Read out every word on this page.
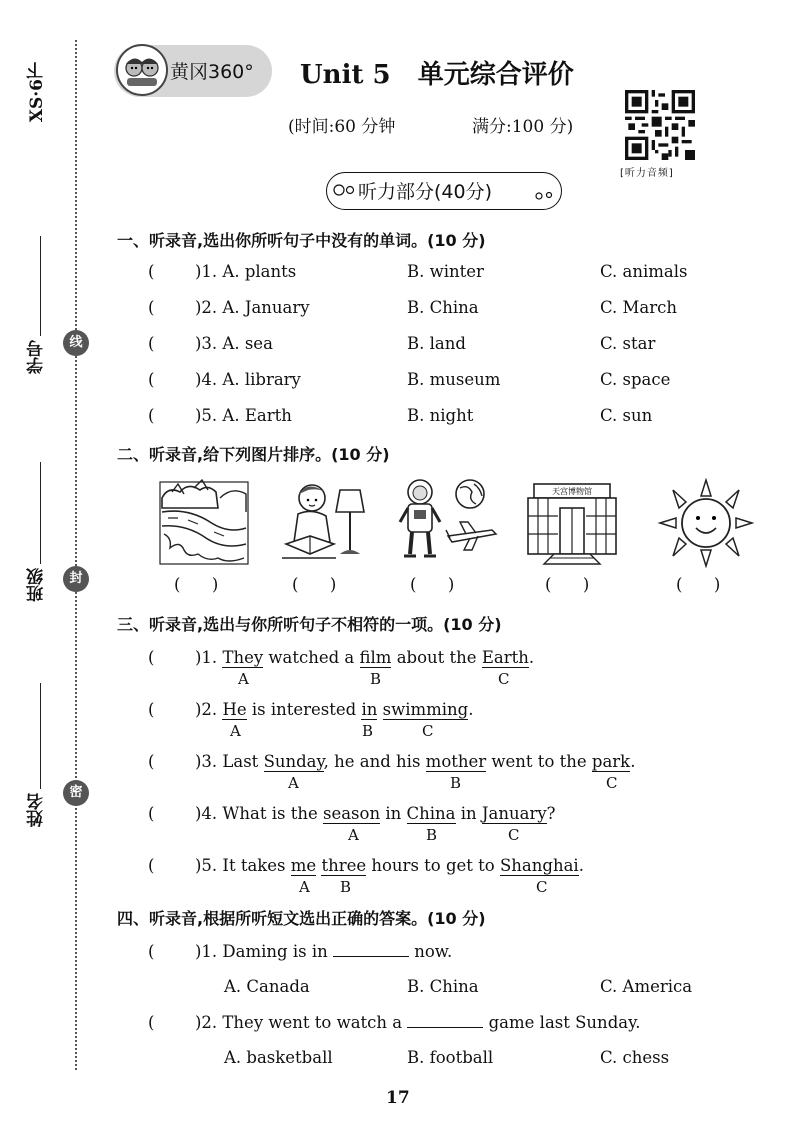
XS·6下
学号
班级
姓名
线
封
密
黄冈360° Unit 5   单元综合评价
(时间:60 分钟	满分:100 分)
[听力音频]
听力部分(40分)
一、听录音,选出你所听句子中没有的单词。(10 分)
( )1. A. plants	B. winter	C. animals
( )2. A. January	B. China	C. March
( )3. A. sea	B. land	C. star
( )4. A. library	B. museum	C. space
( )5. A. Earth	B. night	C. sun
二、听录音,给下列图片排序。(10 分)
天宫博物馆
(      )	(      )	(      )	(      )	(      )
三、听录音,选出与你所听句子不相符的一项。(10 分)
( )1. They watched a film about the Earth.
A	B	C
( )2. He is interested in swimming.
A	B	C
( )3. Last Sunday, he and his mother went to the park.
A	B	C
( )4. What is the season in China in January?
A	B	C
( )5. It takes me three hours to get to Shanghai.
A B	C
四、听录音,根据所听短文选出正确的答案。(10 分)
( )1. Daming is in	now.
A. Canada	B. China	C. America
( )2. They went to watch a	game last Sunday.
A. basketball	B. football	C. chess
17
